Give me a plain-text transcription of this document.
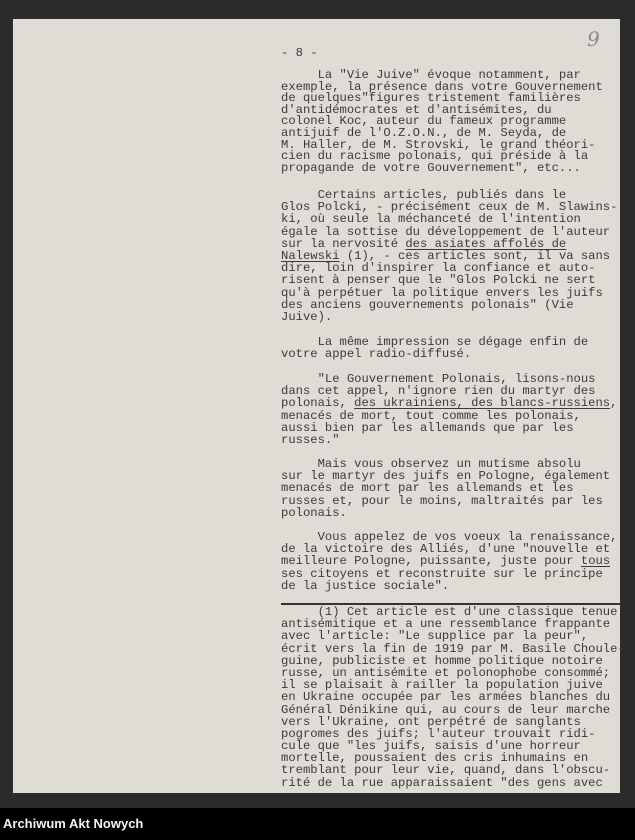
- 8 -
9
La "Vie Juive" évoque notamment, par
exemple, la présence dans votre Gouvernement
de quelques"figures tristement familières
d'antidémocrates et d'antisémites, du
colonel Koc, auteur du fameux programme
antijuif de l'O.Z.O.N., de M. Seyda, de
M. Haller, de M. Strovski, le grand théori-
cien du racisme polonais, qui préside à la
propagande de votre Gouvernement", etc...
Certains articles, publiés dans le
Glos Polcki, - précisément ceux de M. Slawins-
ki, où seule la méchanceté de l'intention
égale la sottise du développement de l'auteur
sur la nervosité des asiates affolés de
Nalewski (1), - ces articles sont, il va sans
dire, loin d'inspirer la confiance et auto-
risent à penser que le "Glos Polcki ne sert
qu'à perpétuer la politique envers les juifs
des anciens gouvernements polonais" (Vie
Juive).
La même impression se dégage enfin de
votre appel radio-diffusé.
"Le Gouvernement Polonais, lisons-nous
dans cet appel, n'ignore rien du martyr des
polonais, des ukrainiens, des blancs-russiens,
menacés de mort, tout comme les polonais,
aussi bien par les allemands que par les
russes."
Mais vous observez un mutisme absolu
sur le martyr des juifs en Pologne, également
menacés de mort par les allemands et les
russes et, pour le moins, maltraités par les
polonais.
Vous appelez de vos voeux la renaissance,
de la victoire des Alliés, d'une "nouvelle et
meilleure Pologne, puissante, juste pour tous
ses citoyens et reconstruite sur le principe
de la justice sociale".
(1) Cet article est d'une classique tenue
antisémitique et a une ressemblance frappante
avec l'article: "Le supplice par la peur",
écrit vers la fin de 1919 par M. Basile Choule-
guine, publiciste et homme politique notoire
russe, un antisémite et polonophobe consommé;
il se plaisait à railler la population juive
en Ukraine occupée par les armées blanches du
Général Dénikine qui, au cours de leur marche
vers l'Ukraine, ont perpétré de sanglants
pogromes des juifs; l'auteur trouvait ridi-
cule que "les juifs, saisis d'une horreur
mortelle, poussaient des cris inhumains en
tremblant pour leur vie, quand, dans l'obscu-
rité de la rue apparaissaient "des gens avec
Archiwum Akt Nowych
